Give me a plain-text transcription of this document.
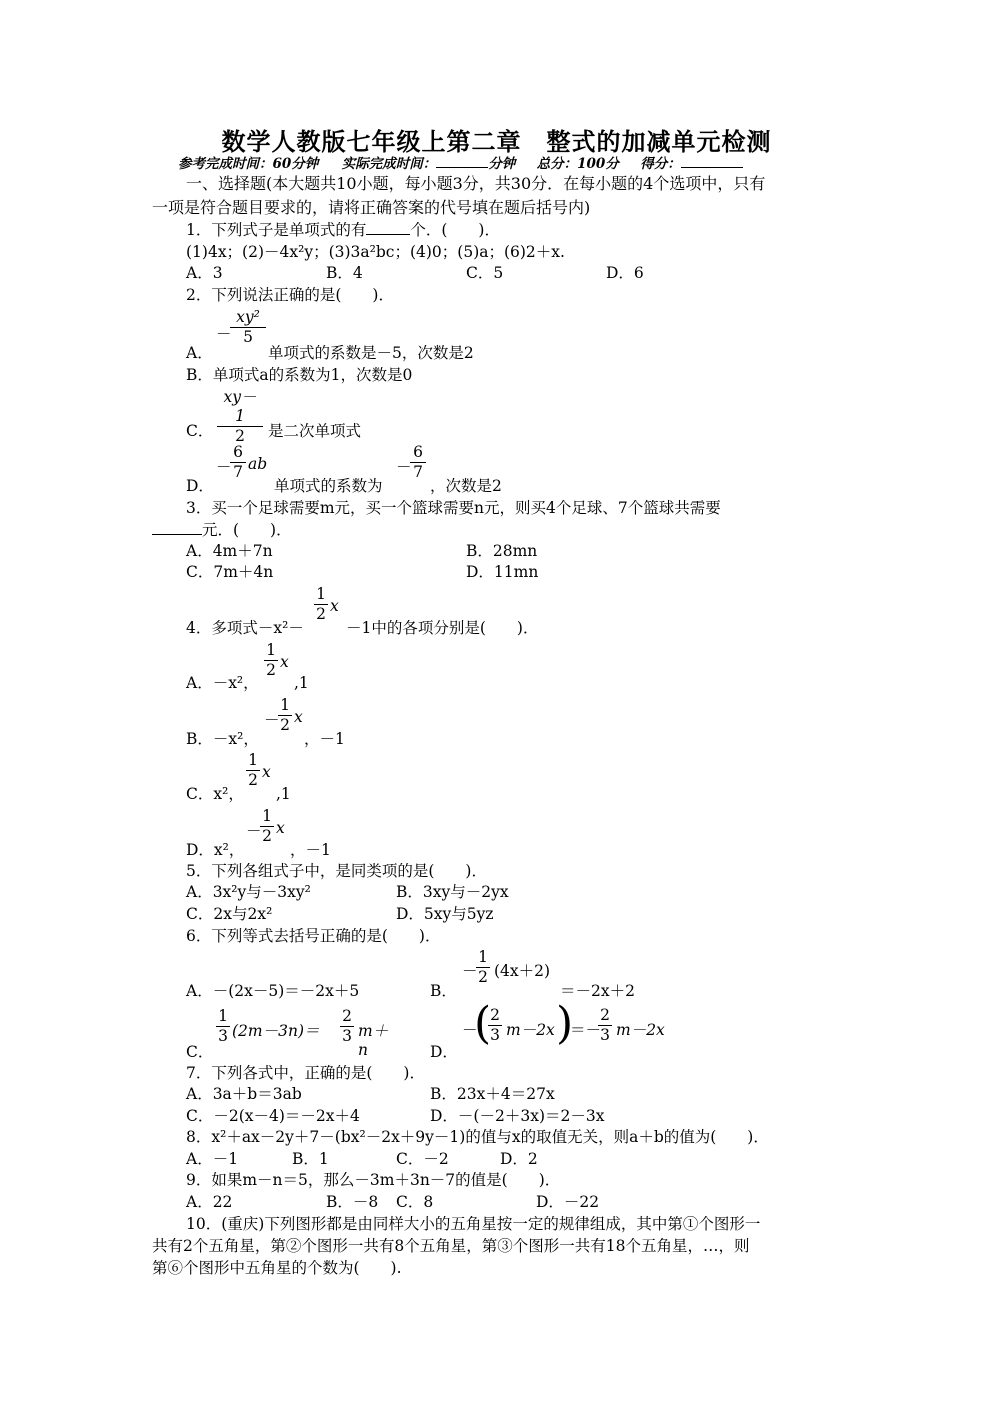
数学人教版七年级上第二章　整式的加减单元检测
参考完成时间：60分钟 实际完成时间：	分钟 总分：100分 得分：
一、选择题(本大题共10小题，每小题3分，共30分．在每小题的4个选项中，只有
一项是符合题目要求的，请将正确答案的代号填在题后括号内)
1．下列式子是单项式的有	个．(　　)．
(1)4x；(2)－4x²y；(3)3a²bc；(4)0；(5)a；(6)2＋x.
A．3	B．4	C．5	D．6
2．下列说法正确的是(　　)．
A．
－
$\frac{\text{xy²}}{5}$
单项式的系数是－5，次数是2
B．单项式a的系数为1，次数是0
C． $\frac{xy-1}{2}$ 是二次单项式
D．
－
$\frac{6}{7}$ ab
单项式的系数为
－
$\frac{6}{7}$
，次数是2
3．买一个足球需要m元，买一个篮球需要n元，则买4个足球、7个篮球共需要
元．(　　)．
A．4m＋7n	B．28mn
C．7m＋4n	D．11mn
4．多项式－x²－
$\frac{1}{2}$ x
－1中的各项分别是(　　)．
A．－x²，
$\frac{1}{2}$ x
,1
B．－x²，
－
$\frac{1}{2}$ x
，－1
C．x²，
$\frac{1}{2}$ x
,1
D．x²，
－
$\frac{1}{2}$ x
，－1
5．下列各组式子中，是同类项的是(　　)．
A．3x²y与－3xy²	B．3xy与－2yx
C．2x与2x²	D．5xy与5yz
6．下列等式去括号正确的是(　　)．
A．－(2x－5)＝－2x＋5	B．
－
$\frac{1}{2} (4x+2)$
＝－2x＋2
C．
$\frac{1}{3} (2m-3n)= \frac{2}{3} m+n$	D．
－
(
$\frac{2}{3} m-2x$ )
＝－
$\frac{2}{3} m-2x$
7．下列各式中，正确的是(　　)．
A．3a＋b＝3ab	B．23x＋4＝27x
C．－2(x－4)＝－2x＋4	D．－(－2＋3x)＝2－3x
8．x²＋ax－2y＋7－(bx²－2x＋9y－1)的值与x的取值无关，则a＋b的值为(　　)．
A．－1	B．1	C．－2	D．2
9．如果m－n＝5，那么－3m＋3n－7的值是(　　)．
A．22	B．－8 C．8	D．－22
10．(重庆)下列图形都是由同样大小的五角星按一定的规律组成，其中第①个图形一
共有2个五角星，第②个图形一共有8个五角星，第③个图形一共有18个五角星，…，则
第⑥个图形中五角星的个数为(　　).
